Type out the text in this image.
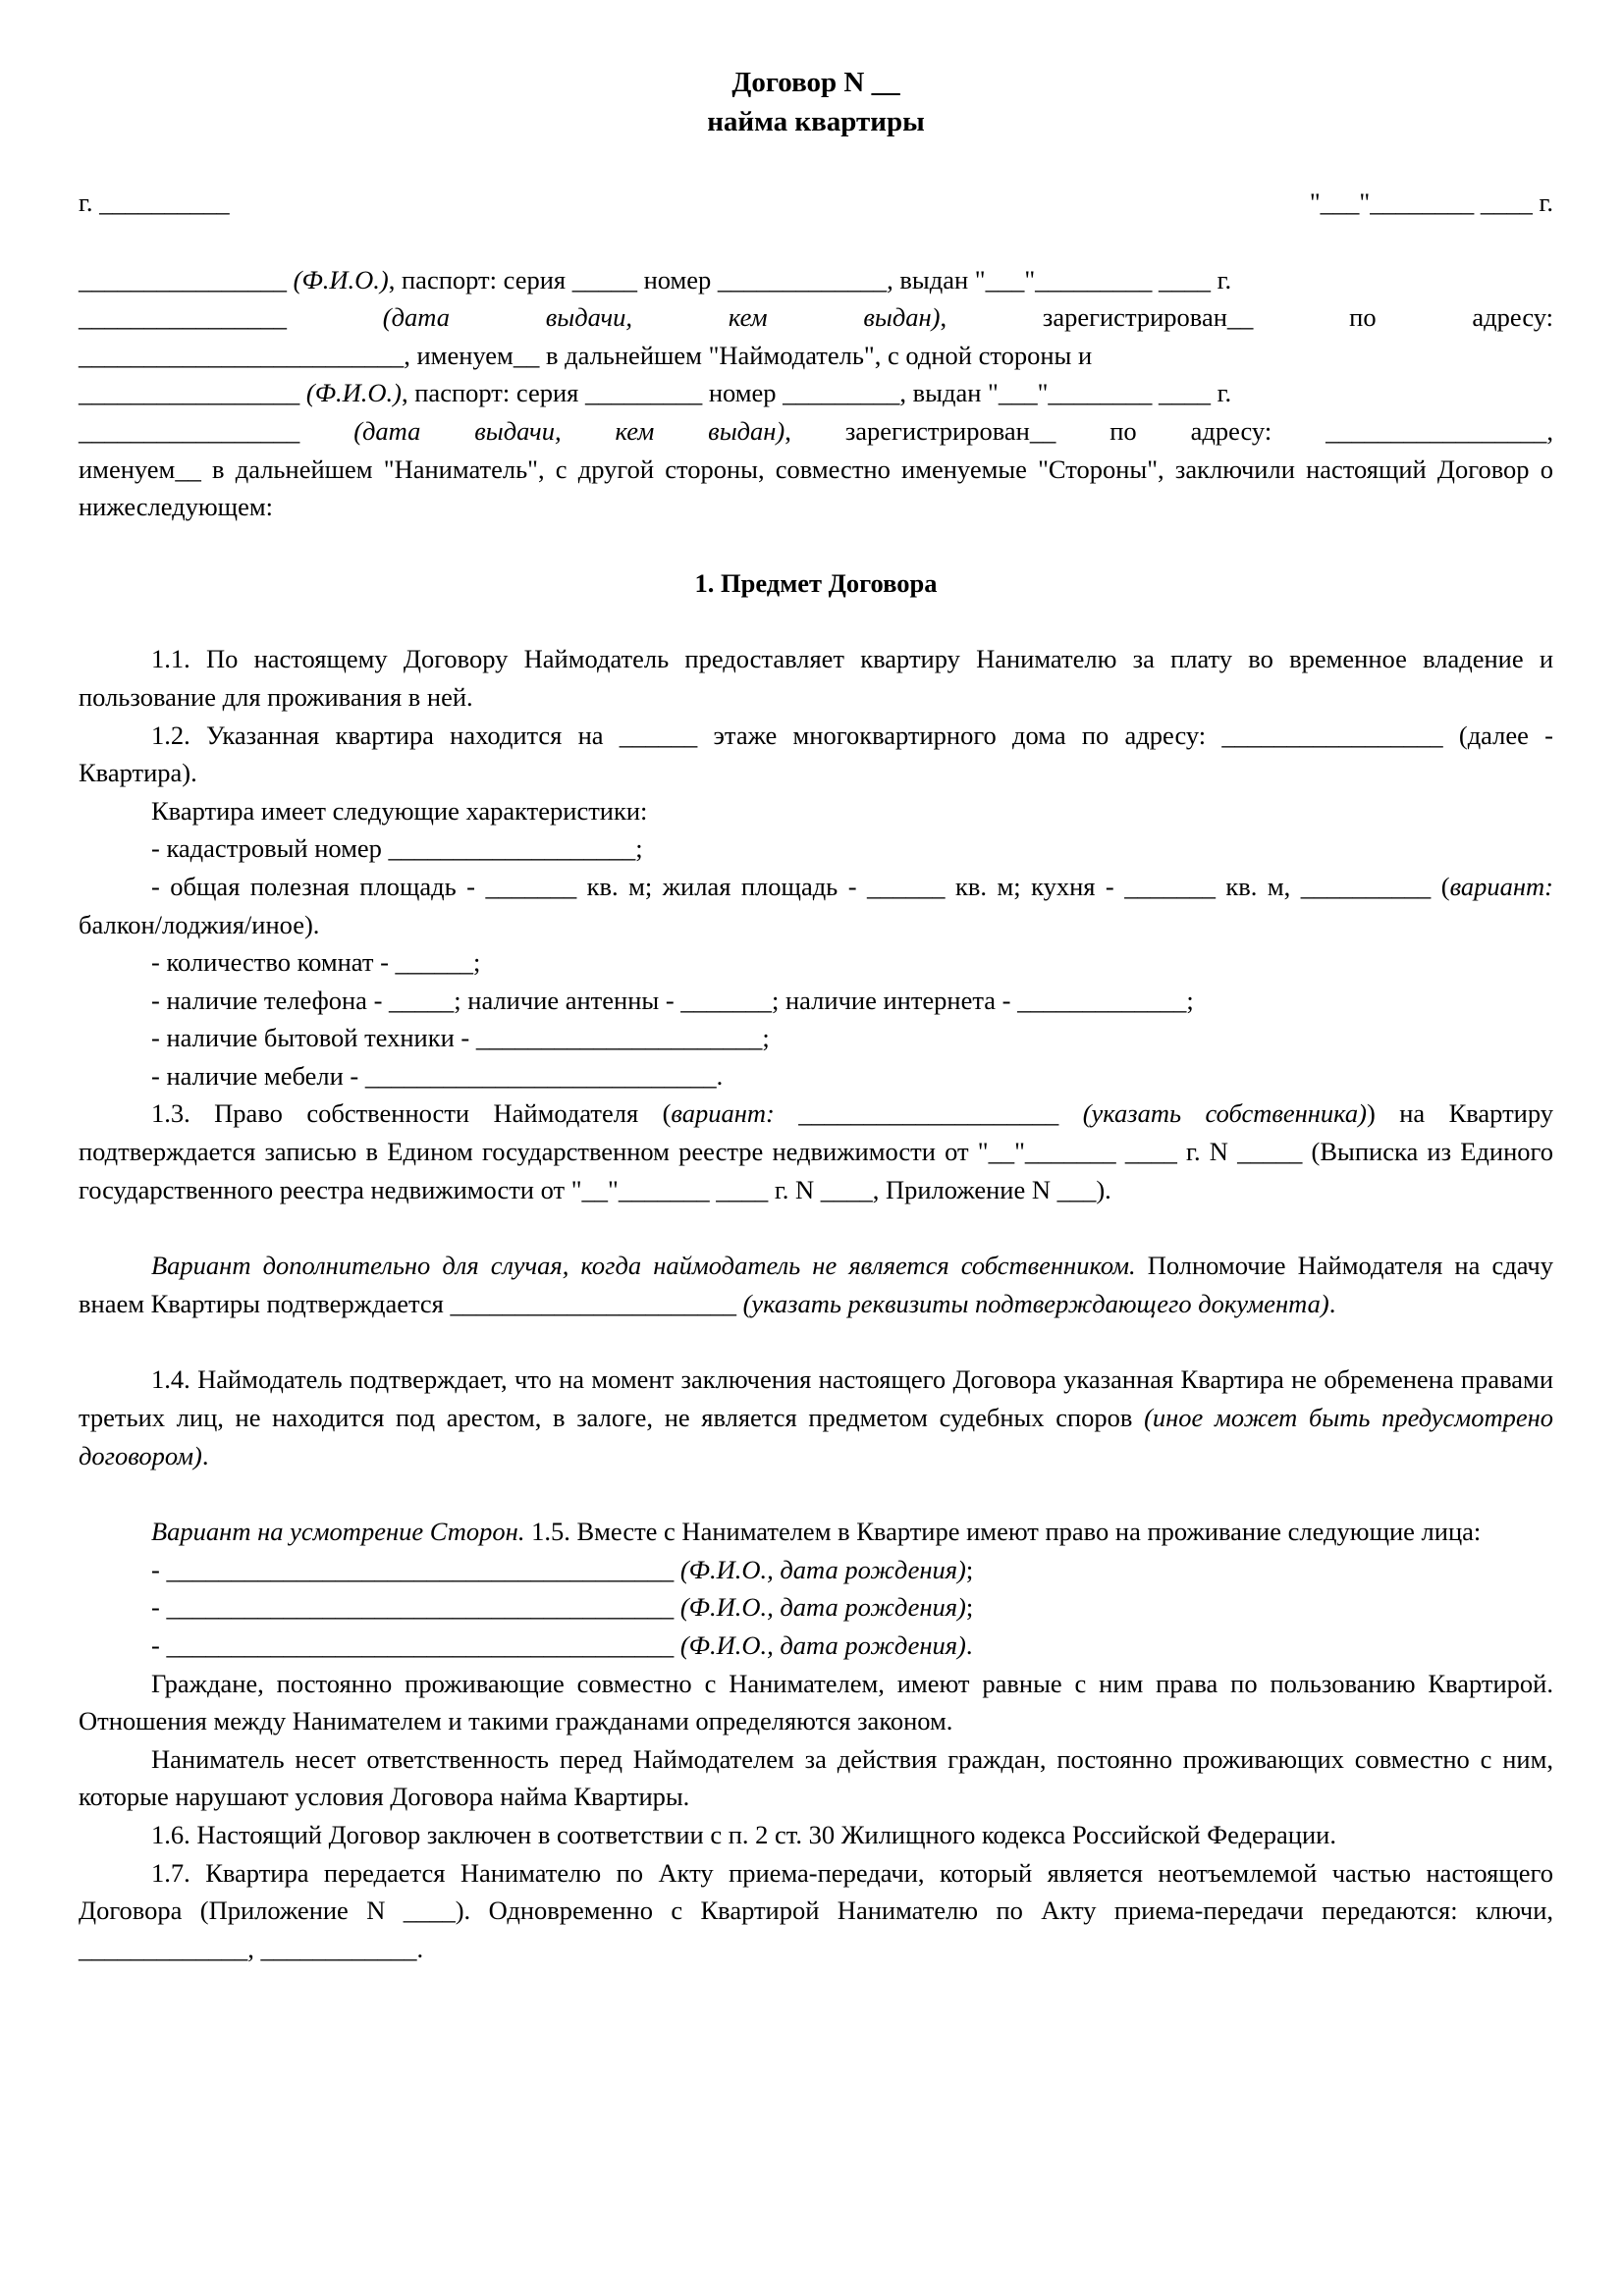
Договор N __
найма квартиры
г. __________	"___"________ ____ г.

________________ (Ф.И.О.), паспорт: серия _____ номер _____________, выдан "___"_________ ____ г.

________________ (дата выдачи, кем выдан), зарегистрирован__ по адресу:

_________________________, именуем__ в дальнейшем "Наймодатель", с одной стороны и

_________________ (Ф.И.О.), паспорт: серия _________ номер _________, выдан "___"________ ____ г.

_________________ (дата выдачи, кем выдан), зарегистрирован__ по адресу: _________________,

именуем__ в дальнейшем "Наниматель", с другой стороны, совместно именуемые "Стороны", заключили настоящий Договор о нижеследующем:

1. Предмет Договора

1.1. По настоящему Договору Наймодатель предоставляет квартиру Нанимателю за плату во временное владение и пользование для проживания в ней.

1.2. Указанная квартира находится на ______ этаже многоквартирного дома по адресу: _________________ (далее - Квартира).

Квартира имеет следующие характеристики:

- кадастровый номер ___________________;

- общая полезная площадь - _______ кв. м; жилая площадь - ______ кв. м; кухня - _______ кв. м, __________ (вариант: балкон/лоджия/иное).

- количество комнат - ______;

- наличие телефона - _____; наличие антенны - _______; наличие интернета - _____________;

- наличие бытовой техники - ______________________;

- наличие мебели - ___________________________.

1.3. Право собственности Наймодателя (вариант: ____________________ (указать собственника)) на Квартиру подтверждается записью в Едином государственном реестре недвижимости от "__"_______ ____ г. N _____ (Выписка из Единого государственного реестра недвижимости от "__"_______ ____ г. N ____, Приложение N ___).

Вариант дополнительно для случая, когда наймодатель не является собственником. Полномочие Наймодателя на сдачу внаем Квартиры подтверждается ______________________ (указать реквизиты подтверждающего документа).

1.4. Наймодатель подтверждает, что на момент заключения настоящего Договора указанная Квартира не обременена правами третьих лиц, не находится под арестом, в залоге, не является предметом судебных споров (иное может быть предусмотрено договором).

Вариант на усмотрение Сторон. 1.5. Вместе с Нанимателем в Квартире имеют право на проживание следующие лица:

- _______________________________________ (Ф.И.О., дата рождения);

- _______________________________________ (Ф.И.О., дата рождения);

- _______________________________________ (Ф.И.О., дата рождения).

Граждане, постоянно проживающие совместно с Нанимателем, имеют равные с ним права по пользованию Квартирой. Отношения между Нанимателем и такими гражданами определяются законом.

Наниматель несет ответственность перед Наймодателем за действия граждан, постоянно проживающих совместно с ним, которые нарушают условия Договора найма Квартиры.

1.6. Настоящий Договор заключен в соответствии с п. 2 ст. 30 Жилищного кодекса Российской Федерации.

1.7. Квартира передается Нанимателю по Акту приема-передачи, который является неотъемлемой частью настоящего Договора (Приложение N ____). Одновременно с Квартирой Нанимателю по Акту приема-передачи передаются: ключи, _____________, ____________.
